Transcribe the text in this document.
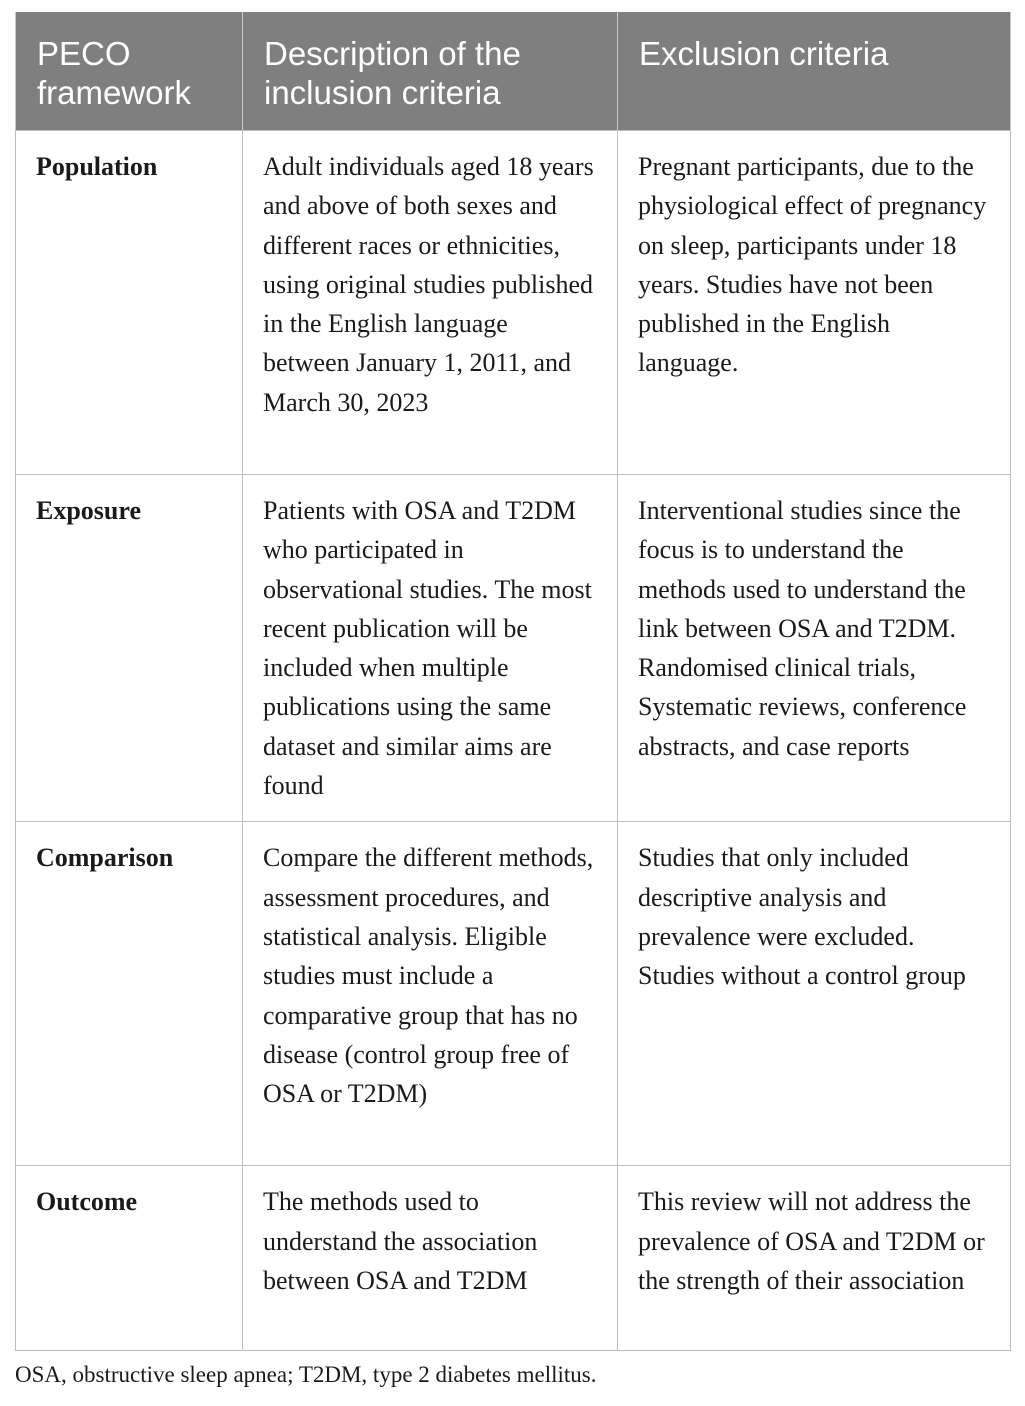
PECO
framework	Description of the inclusion criteria	Exclusion criteria
Population	Adult individuals aged 18 years and above of both sexes and different races or ethnicities, using original studies published in the English language between January 1, 2011, and March 30, 2023	Pregnant participants, due to the physiological effect of pregnancy on sleep, participants under 18 years. Studies have not been published in the English language.
Exposure	Patients with OSA and T2DM who participated in observational studies. The most recent publication will be included when multiple publications using the same dataset and similar aims are found	Interventional studies since the focus is to understand the methods used to understand the link between OSA and T2DM. Randomised clinical trials, Systematic reviews, conference abstracts, and case reports
Comparison	Compare the different methods, assessment procedures, and statistical analysis. Eligible studies must include a comparative group that has no disease (control group free of OSA or T2DM)	Studies that only included descriptive analysis and prevalence were excluded. Studies without a control group
Outcome	The methods used to understand the association between OSA and T2DM	This review will not address the prevalence of OSA and T2DM or the strength of their association
OSA, obstructive sleep apnea; T2DM, type 2 diabetes mellitus.
